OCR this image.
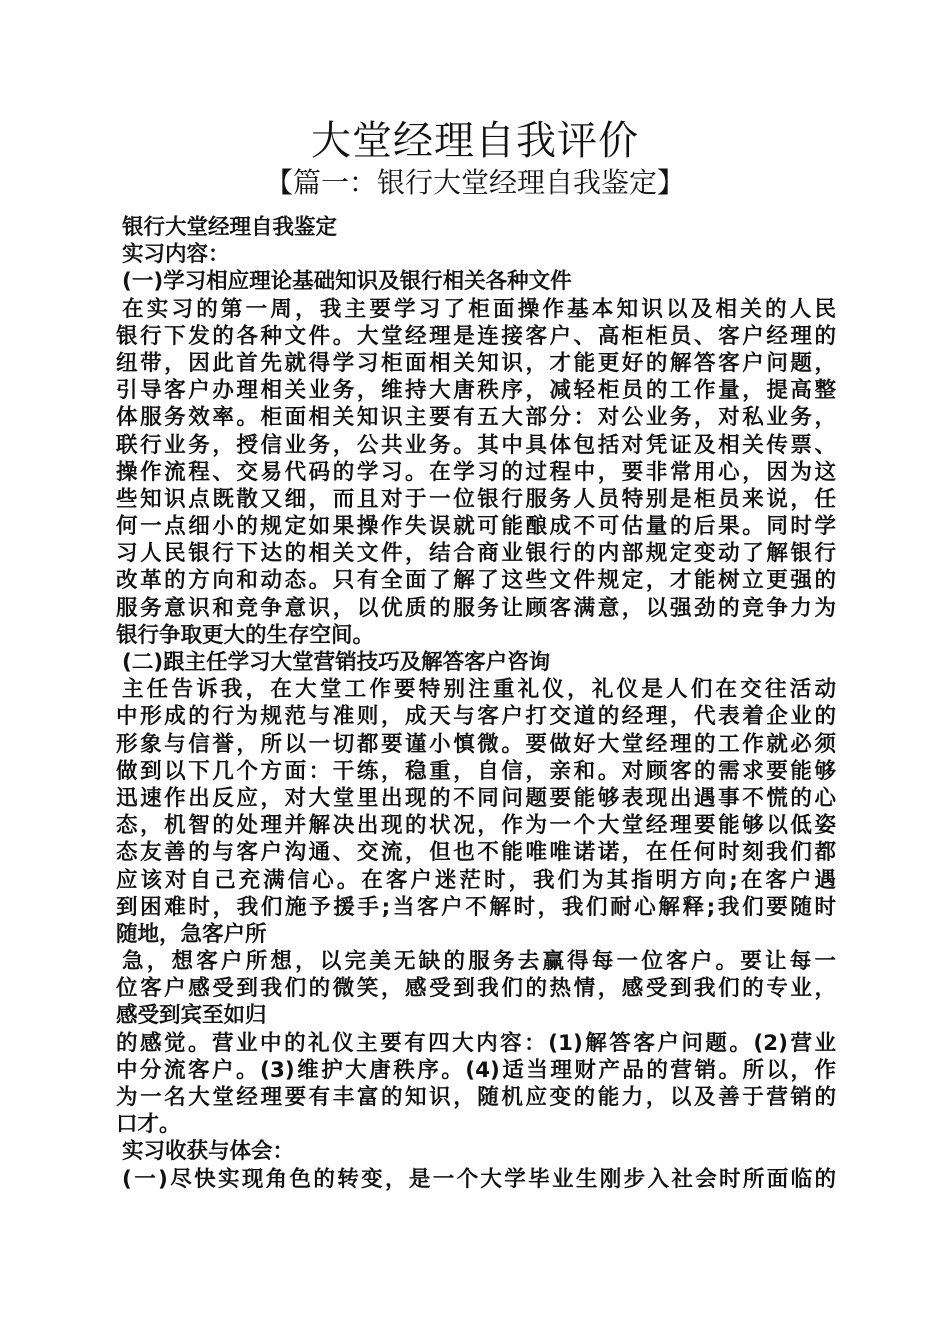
大堂经理自我评价
【篇一：银行大堂经理自我鉴定】
银行大堂经理自我鉴定
实习内容：
(一)学习相应理论基础知识及银行相关各种文件
在实习的第一周，我主要学习了柜面操作基本知识以及相关的人民
银行下发的各种文件。大堂经理是连接客户、高柜柜员、客户经理的
纽带，因此首先就得学习柜面相关知识，才能更好的解答客户问题，
引导客户办理相关业务，维持大唐秩序，减轻柜员的工作量，提高整
体服务效率。柜面相关知识主要有五大部分：对公业务，对私业务，
联行业务，授信业务，公共业务。其中具体包括对凭证及相关传票、
操作流程、交易代码的学习。在学习的过程中，要非常用心，因为这
些知识点既散又细，而且对于一位银行服务人员特别是柜员来说，任
何一点细小的规定如果操作失误就可能酿成不可估量的后果。同时学
习人民银行下达的相关文件，结合商业银行的内部规定变动了解银行
改革的方向和动态。只有全面了解了这些文件规定，才能树立更强的
服务意识和竞争意识，以优质的服务让顾客满意，以强劲的竞争力为
银行争取更大的生存空间。
(二)跟主任学习大堂营销技巧及解答客户咨询
主任告诉我，在大堂工作要特别注重礼仪，礼仪是人们在交往活动
中形成的行为规范与准则，成天与客户打交道的经理，代表着企业的
形象与信誉，所以一切都要谨小慎微。要做好大堂经理的工作就必须
做到以下几个方面：干练，稳重，自信，亲和。对顾客的需求要能够
迅速作出反应，对大堂里出现的不同问题要能够表现出遇事不慌的心
态，机智的处理并解决出现的状况，作为一个大堂经理要能够以低姿
态友善的与客户沟通、交流，但也不能唯唯诺诺，在任何时刻我们都
应该对自己充满信心。在客户迷茫时，我们为其指明方向;在客户遇
到困难时，我们施予援手;当客户不解时，我们耐心解释;我们要随时
随地，急客户所
急，想客户所想，以完美无缺的服务去赢得每一位客户。要让每一
位客户感受到我们的微笑，感受到我们的热情，感受到我们的专业，
感受到宾至如归
的感觉。营业中的礼仪主要有四大内容：(1)解答客户问题。(2)营业
中分流客户。(3)维护大唐秩序。(4)适当理财产品的营销。所以，作
为一名大堂经理要有丰富的知识，随机应变的能力，以及善于营销的
口才。
实习收获与体会：
(一)尽快实现角色的转变，是一个大学毕业生刚步入社会时所面临的
